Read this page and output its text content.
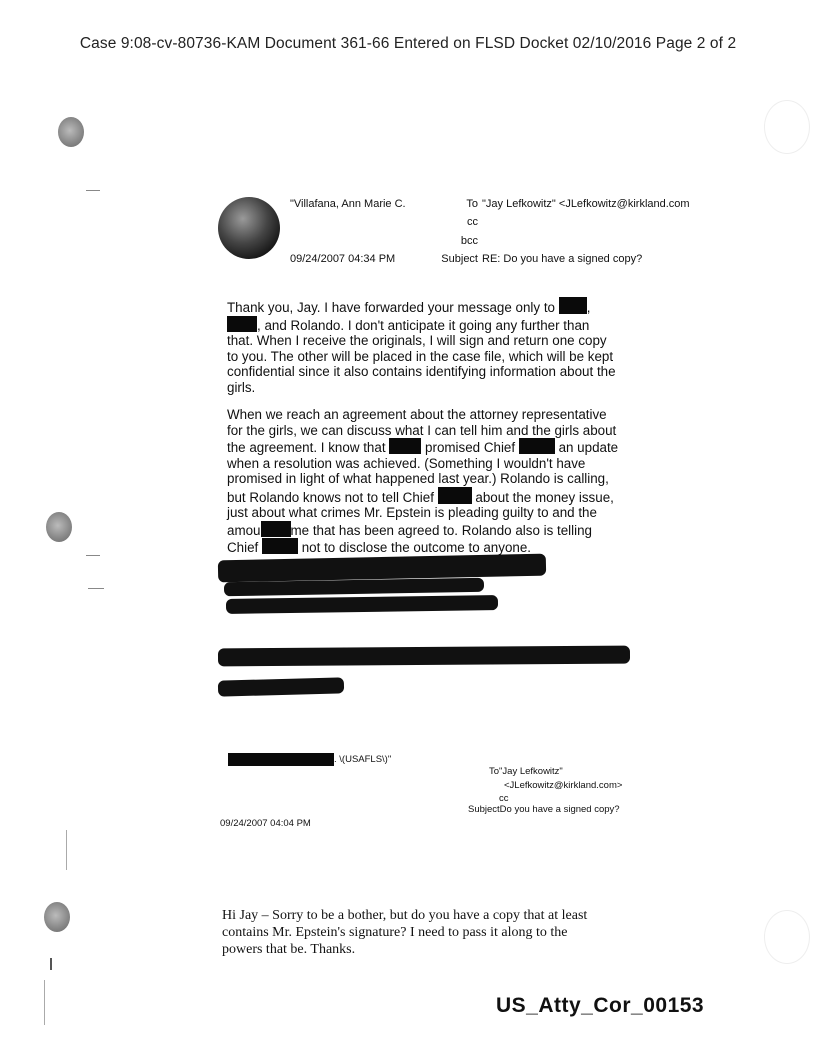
Case 9:08-cv-80736-KAM Document 361-66 Entered on FLSD Docket 02/10/2016 Page 2 of 2
"Villafana, Ann Marie C.
09/24/2007 04:34 PM
To "Jay Lefkowitz" <JLefkowitz@kirkland.com
cc
bcc
Subject RE: Do you have a signed copy?

Thank you, Jay. I have forwarded your message only to ,

, and Rolando. I don't anticipate it going any further than

that. When I receive the originals, I will sign and return one copy

to you. The other will be placed in the case file, which will be kept

confidential since it also contains identifying information about the

girls.

When we reach an agreement about the attorney representative

for the girls, we can discuss what I can tell him and the girls about

the agreement. I know that	promised Chief	an update

when a resolution was achieved. (Something I wouldn't have

promised in light of what happened last year.) Rolando is calling,

but Rolando knows not to tell Chief	about the money issue,

just about what crimes Mr. Epstein is pleading guilty to and the

amou me that has been agreed to. Rolando also is telling

Chief	not to disclose the outcome to anyone.

. \(USAFLS\)"
09/24/2007 04:04 PM
To"Jay Lefkowitz"
<JLefkowitz@kirkland.com>
cc
SubjectDo you have a signed copy?
Hi Jay – Sorry to be a bother, but do you have a copy that at least
contains Mr. Epstein's signature? I need to pass it along to the
powers that be. Thanks.
US_Atty_Cor_00153
